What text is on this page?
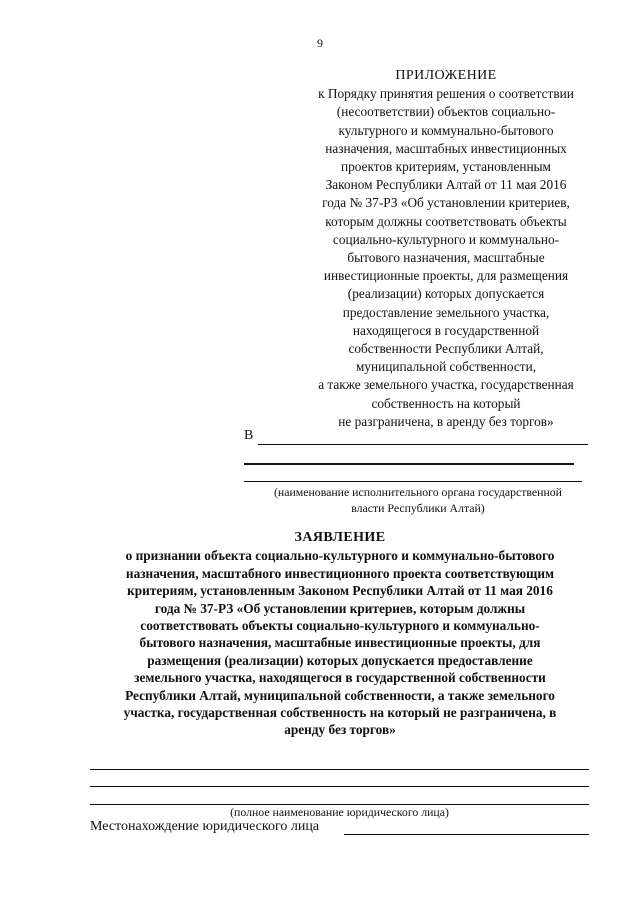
9
ПРИЛОЖЕНИЕ
к Порядку принятия решения о соответствии
(несоответствии) объектов социально-
культурного и коммунально-бытового
назначения, масштабных инвестиционных
проектов критериям, установленным
Законом Республики Алтай от 11 мая 2016
года № 37-РЗ «Об установлении критериев,
которым должны соответствовать объекты
социально-культурного и коммунально-
бытового назначения, масштабные
инвестиционные проекты, для размещения
(реализации) которых допускается
предоставление земельного участка,
находящегося в государственной
собственности Республики Алтай,
муниципальной собственности,
а также земельного участка, государственная
собственность на который
не разграничена, в аренду без торгов»
В
(наименование исполнительного органа государственной
власти Республики Алтай)
ЗАЯВЛЕНИЕ
о признании объекта социально-культурного и коммунально-бытового
назначения, масштабного инвестиционного проекта соответствующим
критериям, установленным Законом Республики Алтай от 11 мая 2016
года № 37-РЗ «Об установлении критериев, которым должны
соответствовать объекты социально-культурного и коммунально-
бытового назначения, масштабные инвестиционные проекты, для
размещения (реализации) которых допускается предоставление
земельного участка, находящегося в государственной собственности
Республики Алтай, муниципальной собственности, а также земельного
участка, государственная собственность на который не разграничена, в
аренду без торгов»
(полное наименование юридического лица)
Местонахождение юридического лица
